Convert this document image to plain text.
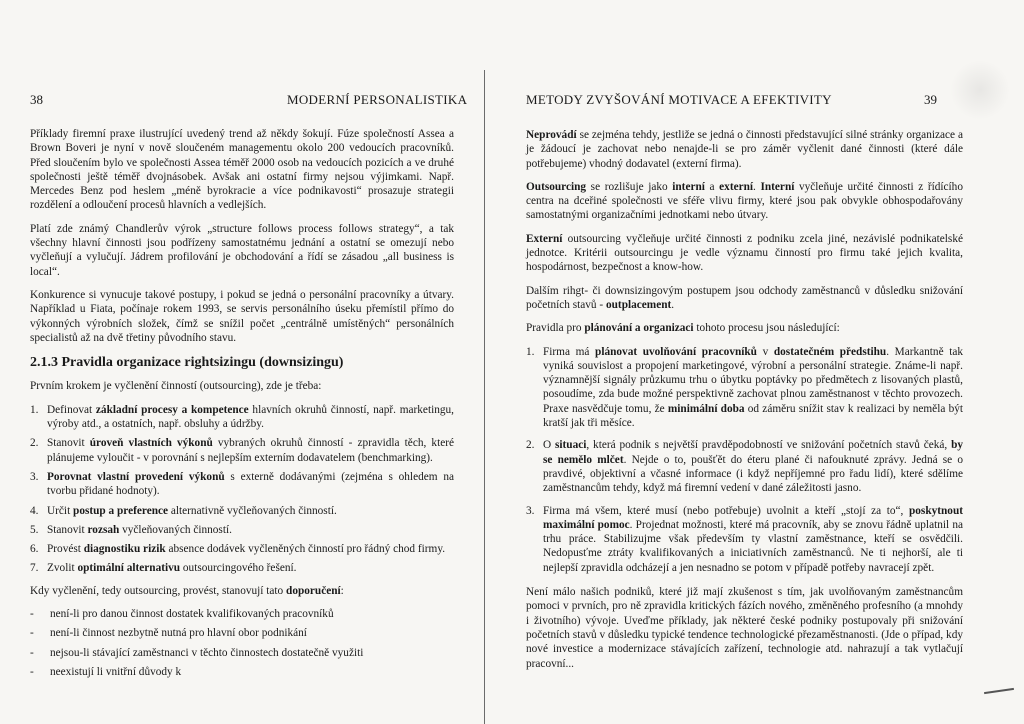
38	MODERNÍ PERSONALISTIKA

Příklady firemní praxe ilustrující uvedený trend až někdy šokují. Fúze společností Assea a Brown Boveri je nyní v nově sloučeném managementu okolo 200 vedoucích pracovníků. Před sloučením bylo ve společnosti Assea téměř 2000 osob na vedoucích pozicích a ve druhé společnosti ještě téměř dvojnásobek. Avšak ani ostatní firmy nejsou výjimkami. Např. Mercedes Benz pod heslem „méně byrokracie a více podnikavosti“ prosazuje strategii rozdělení a odloučení procesů hlavních a vedlejších.

Platí zde známý Chandlerův výrok „structure follows process follows strategy“, a tak všechny hlavní činnosti jsou podřízeny samostatnému jednání a ostatní se omezují nebo vyčleňují a vylučují. Jádrem profilování je obchodování a řídí se zásadou „all business is local“.

Konkurence si vynucuje takové postupy, i pokud se jedná o personální pracovníky a útvary. Například u Fiata, počínaje rokem 1993, se servis personálního úseku přemístil přímo do výkonných výrobních složek, čímž se snížil počet „centrálně umístěných“ personálních specialistů až na dvě třetiny původního stavu.

2.1.3 Pravidla organizace rightsizingu (downsizingu)

Prvním krokem je vyčlenění činností (outsourcing), zde je třeba:

1. Definovat základní procesy a kompetence hlavních okruhů činností, např. marketingu, výroby atd., a ostatních, např. obsluhy a údržby.
2. Stanovit úroveň vlastních výkonů vybraných okruhů činností - zpravidla těch, které plánujeme vyloučit - v porovnání s nejlepším externím dodavatelem (benchmarking).
3. Porovnat vlastní provedení výkonů s externě dodávanými (zejména s ohledem na tvorbu přidané hodnoty).
4. Určit postup a preference alternativně vyčleňovaných činností.
5. Stanovit rozsah vyčleňovaných činností.
6. Provést diagnostiku rizik absence dodávek vyčleněných činností pro řádný chod firmy.
7. Zvolit optimální alternativu outsourcingového řešení.

Kdy vyčlenění, tedy outsourcing, provést, stanovují tato doporučení:

-	není-li pro danou činnost dostatek kvalifikovaných pracovníků
-	není-li činnost nezbytně nutná pro hlavní obor podnikání
-	nejsou-li stávající zaměstnanci v těchto činnostech dostatečně využiti
-	neexistují li vnitřní důvody k
METODY ZVYŠOVÁNÍ MOTIVACE A EFEKTIVITY	39

Neprovádí se zejména tehdy, jestliže se jedná o činnosti představující silné stránky organizace a je žádoucí je zachovat nebo nenajde-li se pro záměr vyčlenit dané činnosti (které dále potřebujeme) vhodný dodavatel (externí firma).

Outsourcing se rozlišuje jako interní a externí. Interní vyčleňuje určité činnosti z řídícího centra na dceřiné společnosti ve sféře vlivu firmy, které jsou pak obvykle obhospodařovány samostatnými organizačními jednotkami nebo útvary.

Externí outsourcing vyčleňuje určité činnosti z podniku zcela jiné, nezávislé podnikatelské jednotce. Kritérii outsourcingu je vedle významu činností pro firmu také jejich kvalita, hospodárnost, bezpečnost a know-how.

Dalším rihgt- či downsizingovým postupem jsou odchody zaměstnanců v důsledku snižování početních stavů - outplacement.

Pravidla pro plánování a organizaci tohoto procesu jsou následující:

1. Firma má plánovat uvolňování pracovníků v dostatečném předstihu. Markantně tak vyniká souvislost a propojení marketingové, výrobní a personální strategie. Známe-li např. významnější signály průzkumu trhu o úbytku poptávky po předmětech z lisovaných plastů, posoudíme, zda bude možné perspektivně zachovat plnou zaměstnanost v těchto provozech. Praxe nasvědčuje tomu, že minimální doba od záměru snížit stav k realizaci by neměla být kratší jak tři měsíce.
2. O situaci, která podnik s největší pravděpodobností ve snižování početních stavů čeká, by se nemělo mlčet. Nejde o to, poušťět do éteru plané či nafouknuté zprávy. Jedná se o pravdivé, objektivní a včasné informace (i když nepříjemné pro řadu lidí), které sdělíme zaměstnancům tehdy, když má firemní vedení v dané záležitosti jasno.
3. Firma má všem, které musí (nebo potřebuje) uvolnit a kteří „stojí za to“, poskytnout maximální pomoc. Projednat možnosti, které má pracovník, aby se znovu řádně uplatnil na trhu práce. Stabilizujme však především ty vlastní zaměstnance, kteří se osvědčili. Nedopusťme ztráty kvalifikovaných a iniciativních zaměstnanců. Ne ti nejhorší, ale ti nejlepší zpravidla odcházejí a jen nesnadno se potom v případě potřeby navracejí zpět.

Není málo našich podniků, které již mají zkušenost s tím, jak uvolňovaným zaměstnancům pomoci v prvních, pro ně zpravidla kritických fázích nového, změněného profesního (a mnohdy i životního) vývoje. Uveďme příklady, jak některé české podniky postupovaly při snižování početních stavů v důsledku typické tendence technologické přezaměstnanosti. (Jde o případ, kdy nové investice a modernizace stávajících zařízení, technologie atd. nahrazují a tak vytlačují pracovní...
